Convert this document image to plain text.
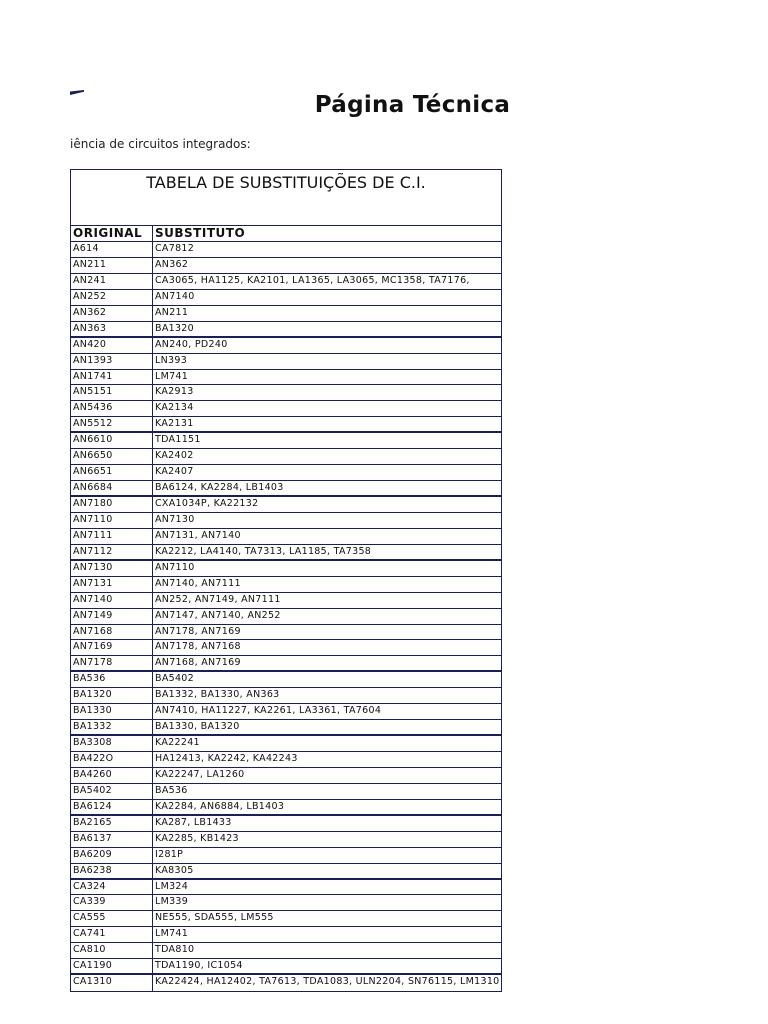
Página Técnica
iência de circuitos integrados:
TABELA DE SUBSTITUIÇÕES DE C.I.
ORIGINAL	SUBSTITUTO
A614	CA7812
AN211	AN362
AN241	CA3065, HA1125, KA2101, LA1365, LA3065, MC1358, TA7176,
AN252	AN7140
AN362	AN211
AN363	BA1320
AN420	AN240, PD240
AN1393	LN393
AN1741	LM741
AN5151	KA2913
AN5436	KA2134
AN5512	KA2131
AN6610	TDA1151
AN6650	KA2402
AN6651	KA2407
AN6684	BA6124, KA2284, LB1403
AN7180	CXA1034P, KA22132
AN7110	AN7130
AN7111	AN7131, AN7140
AN7112	KA2212, LA4140, TA7313, LA1185, TA7358
AN7130	AN7110
AN7131	AN7140, AN7111
AN7140	AN252, AN7149, AN7111
AN7149	AN7147, AN7140, AN252
AN7168	AN7178, AN7169
AN7169	AN7178, AN7168
AN7178	AN7168, AN7169
BA536	BA5402
BA1320	BA1332, BA1330, AN363
BA1330	AN7410, HA11227, KA2261, LA3361, TA7604
BA1332	BA1330, BA1320
BA3308	KA22241
BA422O	HA12413, KA2242, KA42243
BA4260	KA22247, LA1260
BA5402	BA536
BA6124	KA2284, AN6884, LB1403
BA2165	KA287, LB1433
BA6137	KA2285, KB1423
BA6209	I281P
BA6238	KA8305
CA324	LM324
CA339	LM339
CA555	NE555, SDA555, LM555
CA741	LM741
CA810	TDA810
CA1190	TDA1190, IC1054
CA1310	KA22424, HA12402, TA7613, TDA1083, ULN2204, SN76115, LM1310
